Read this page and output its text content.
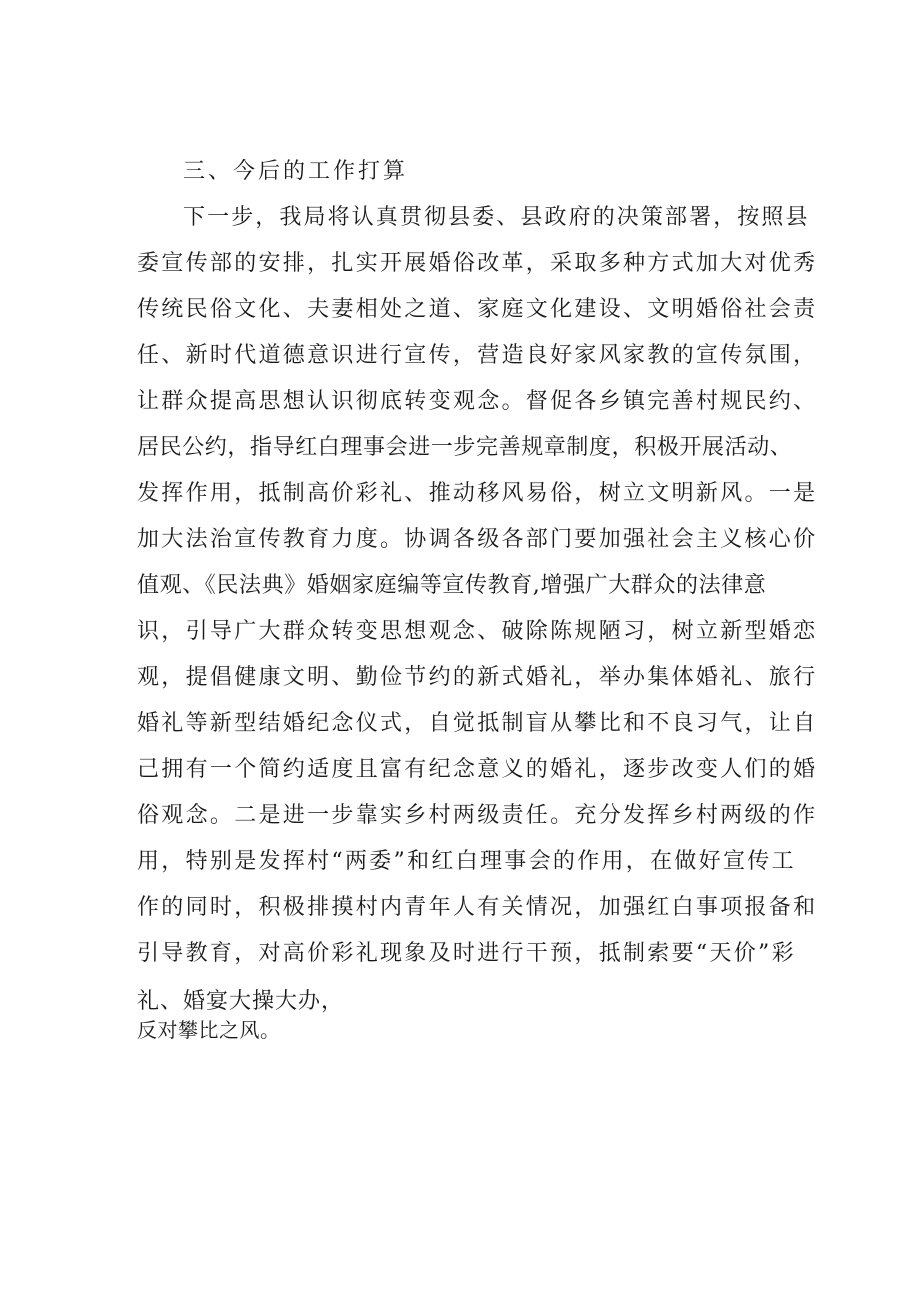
三、今后的工作打算
下一步，我局将认真贯彻县委、县政府的决策部署，按照县
委宣传部的安排，扎实开展婚俗改革，采取多种方式加大对优秀
传统民俗文化、夫妻相处之道、家庭文化建设、文明婚俗社会责
任、新时代道德意识进行宣传，营造良好家风家教的宣传氛围，
让群众提高思想认识彻底转变观念。督促各乡镇完善村规民约、
居民公约，指导红白理事会进一步完善规章制度，积极开展活动、
发挥作用，抵制高价彩礼、推动移风易俗，树立文明新风。一是
加大法治宣传教育力度。协调各级各部门要加强社会主义核心价
值观、《民法典》婚姻家庭编等宣传教育,增强广大群众的法律意
识，引导广大群众转变思想观念、破除陈规陋习，树立新型婚恋
观，提倡健康文明、勤俭节约的新式婚礼，举办集体婚礼、旅行
婚礼等新型结婚纪念仪式，自觉抵制盲从攀比和不良习气，让自
己拥有一个简约适度且富有纪念意义的婚礼，逐步改变人们的婚
俗观念。二是进一步靠实乡村两级责任。充分发挥乡村两级的作
用，特别是发挥村“两委”和红白理事会的作用，在做好宣传工
作的同时，积极排摸村内青年人有关情况，加强红白事项报备和
引导教育，对高价彩礼现象及时进行干预，抵制索要“天价”彩
礼、婚宴大操大办，
反对攀比之风。
